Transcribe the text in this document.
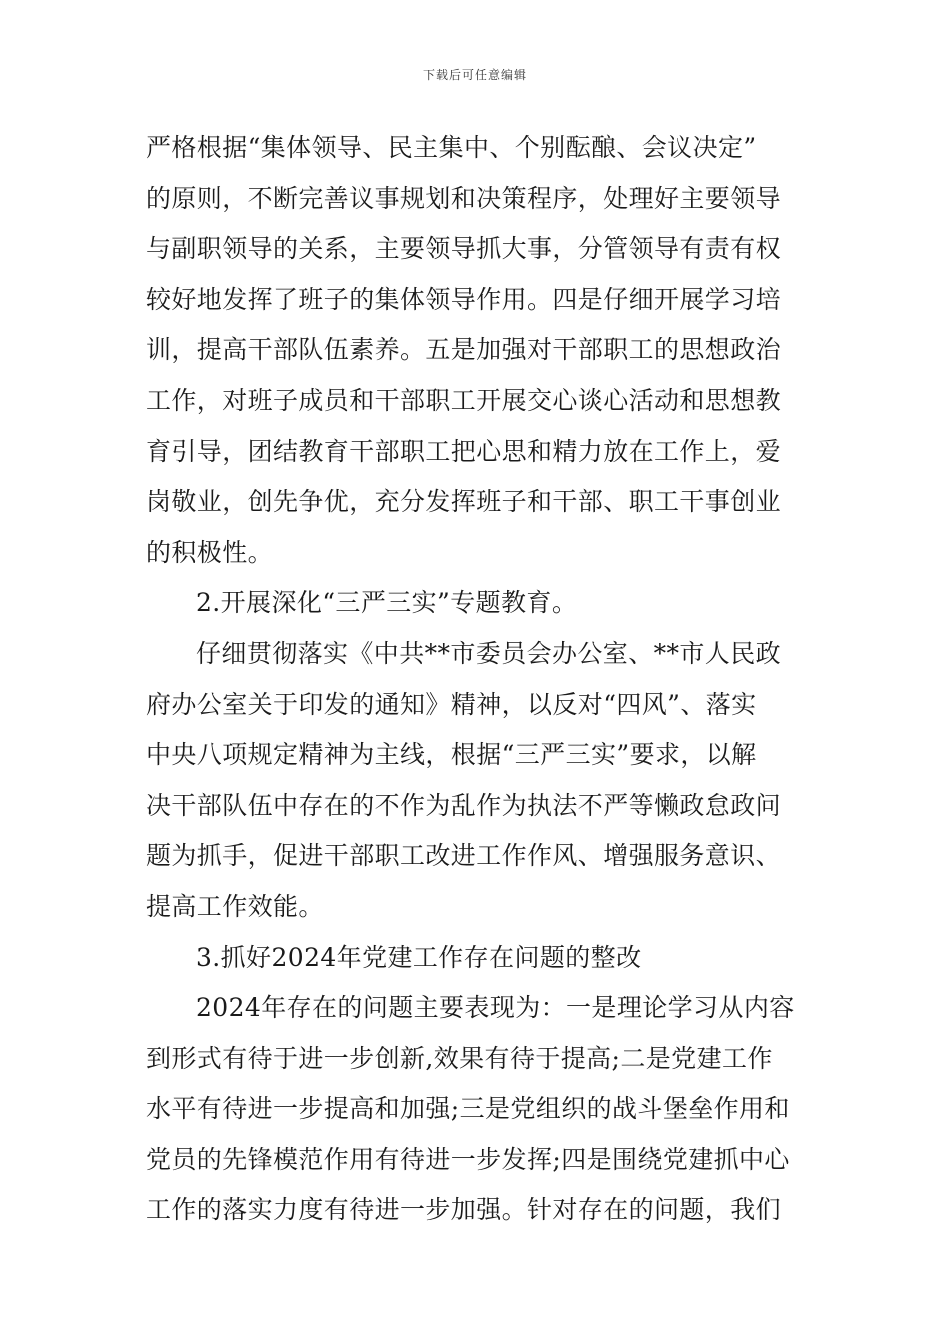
下载后可任意编辑
严格根据“集体领导、民主集中、个别酝酿、会议决定”
的原则，不断完善议事规划和决策程序，处理好主要领导
与副职领导的关系，主要领导抓大事，分管领导有责有权
较好地发挥了班子的集体领导作用。四是仔细开展学习培
训，提高干部队伍素养。五是加强对干部职工的思想政治
工作，对班子成员和干部职工开展交心谈心活动和思想教
育引导，团结教育干部职工把心思和精力放在工作上，爱
岗敬业，创先争优，充分发挥班子和干部、职工干事创业
的积极性。
2.开展深化“三严三实”专题教育。
仔细贯彻落实《中共**市委员会办公室、**市人民政
府办公室关于印发的通知》精神，以反对“四风”、落实
中央八项规定精神为主线，根据“三严三实”要求，以解
决干部队伍中存在的不作为乱作为执法不严等懒政怠政问
题为抓手，促进干部职工改进工作作风、增强服务意识、
提高工作效能。
3.抓好2024年党建工作存在问题的整改
2024年存在的问题主要表现为：一是理论学习从内容
到形式有待于进一步创新,效果有待于提高;二是党建工作
水平有待进一步提高和加强;三是党组织的战斗堡垒作用和
党员的先锋模范作用有待进一步发挥;四是围绕党建抓中心
工作的落实力度有待进一步加强。针对存在的问题，我们
